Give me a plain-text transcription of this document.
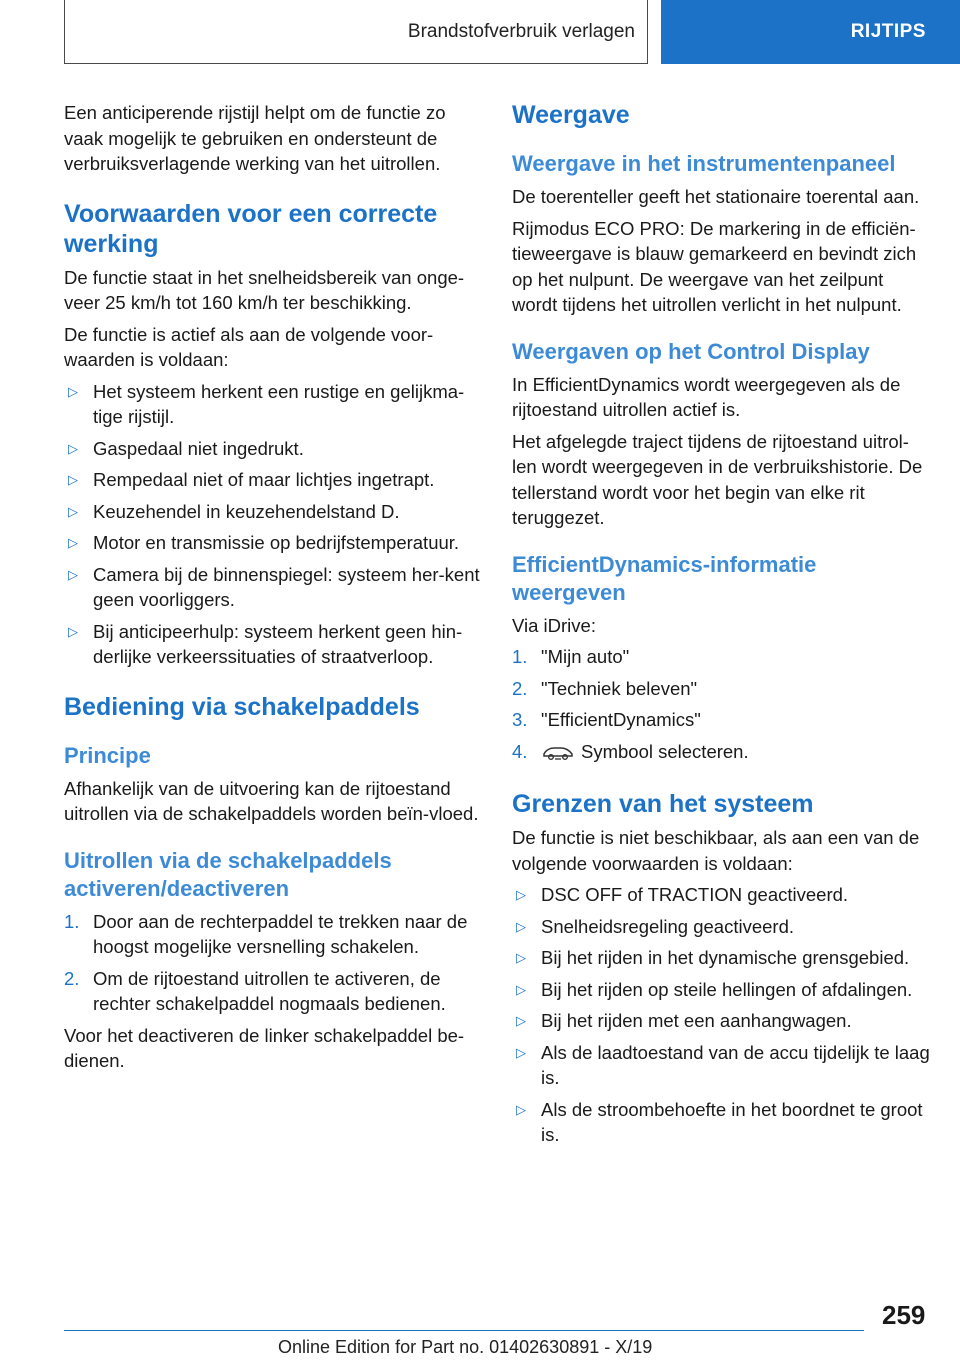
Brandstofverbruik verlagen	RIJTIPS

Een anticiperende rijstijl helpt om de functie zo vaak mogelijk te gebruiken en ondersteunt de verbruiksverlagende werking van het uitrollen.

Voorwaarden voor een correcte werking

De functie staat in het snelheidsbereik van onge-veer 25 km/h tot 160 km/h ter beschikking.

De functie is actief als aan de volgende voor-waarden is voldaan:

▷ Het systeem herkent een rustige en gelijkma-tige rijstijl.
▷ Gaspedaal niet ingedrukt.
▷ Rempedaal niet of maar lichtjes ingetrapt.
▷ Keuzehendel in keuzehendelstand D.
▷ Motor en transmissie op bedrijfstemperatuur.
▷ Camera bij de binnenspiegel: systeem her-kent geen voorliggers.
▷ Bij anticipeerhulp: systeem herkent geen hin-derlijke verkeerssituaties of straatverloop.
Bediening via schakelpaddels
Principe

Afhankelijk van de uitvoering kan de rijtoestand uitrollen via de schakelpaddels worden beïn-vloed.

Uitrollen via de schakelpaddels activeren/deactiveren
1. Door aan de rechterpaddel te trekken naar de hoogst mogelijke versnelling schakelen.
2. Om de rijtoestand uitrollen te activeren, de rechter schakelpaddel nogmaals bedienen.

Voor het deactiveren de linker schakelpaddel be-dienen.

Weergave
Weergave in het instrumentenpaneel

De toerenteller geeft het stationaire toerental aan.

Rijmodus ECO PRO: De markering in de efficiën-tieweergave is blauw gemarkeerd en bevindt zich op het nulpunt. De weergave van het zeilpunt wordt tijdens het uitrollen verlicht in het nulpunt.

Weergaven op het Control Display

In EfficientDynamics wordt weergegeven als de rijtoestand uitrollen actief is.

Het afgelegde traject tijdens de rijtoestand uitrol-len wordt weergegeven in de verbruikshistorie. De tellerstand wordt voor het begin van elke rit teruggezet.

EfficientDynamics-informatie weergeven

Via iDrive:

1. "Mijn auto"
2. "Techniek beleven"
3. "EfficientDynamics"
4.	Symbool selecteren.
Grenzen van het systeem

De functie is niet beschikbaar, als aan een van de volgende voorwaarden is voldaan:

▷ DSC OFF of TRACTION geactiveerd.
▷ Snelheidsregeling geactiveerd.
▷ Bij het rijden in het dynamische grensgebied.
▷ Bij het rijden op steile hellingen of afdalingen.
▷ Bij het rijden met een aanhangwagen.
▷ Als de laadtoestand van de accu tijdelijk te laag is.
▷ Als de stroombehoefte in het boordnet te groot is.
259
Online Edition for Part no. 01402630891 - X/19
